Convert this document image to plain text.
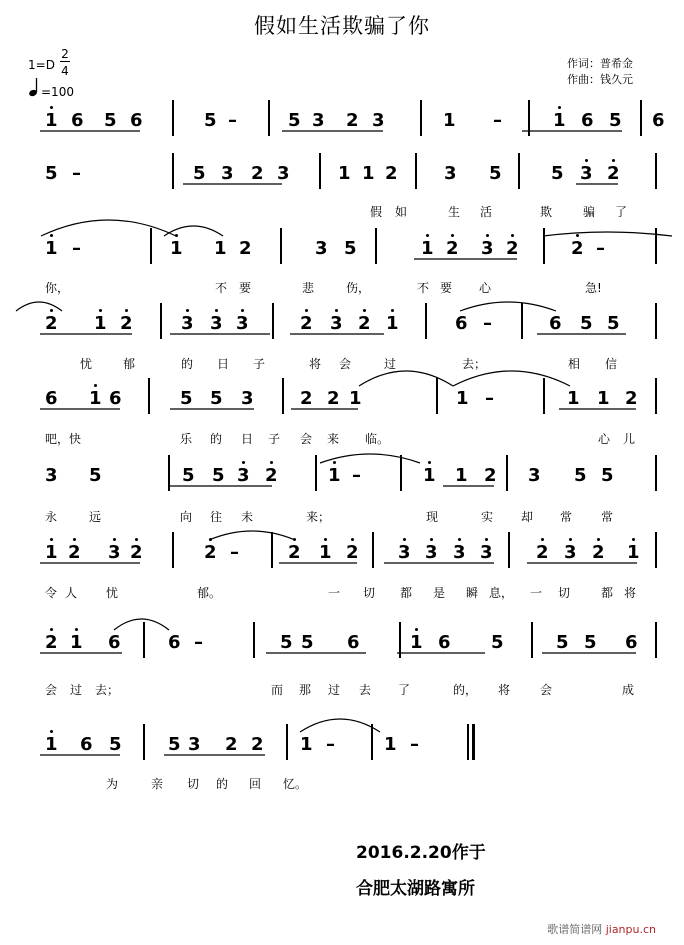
假如生活欺骗了你
1=D
2
4
=100
作词：普希金
作曲：钱久元
1 6 5 6	5 –	5 3 2 3	1 –	1 6 5 6
5 –	5 3 2 3	1 1 2	3 5	5 3 2
假 如	生 活	欺	骗 了
1 –	1 1 2	3 5	1 2 3 2	2 –
你，	不 要	悲	伤，	不 要 心	急!
2 1 2	3 3 3	2 3 2 1	6 –	6 5 5
忧	郁	的 日 子	将 会	过	去；	相 信
6 1 6	5 5 3	2 2 1	1 –	1 1 2
吧，快	乐 的 日 子 会 来 临。	心 儿
3 5	5 5 3 2	1 –	1 1 2 3 5 5
永	远	向 往 未	来；	现	实 却 常 常
1 2 3 2	2 –	2 1 2 3 3 3 3 2 3 2 1
令 人 忧	郁。	一 切 都 是 瞬 息， 一 切	都 将
2 1 6	6 –	5 5 6	1 6 5	5 5 6
会 过 去；	而 那 过 去 了	的， 将 会	成
1 6 5	5 3 2 2 1 –	1 –
为	亲 切 的 回 忆。
2016.2.20作于
合肥太湖路寓所
歌谱简谱网 jianpu.cn
